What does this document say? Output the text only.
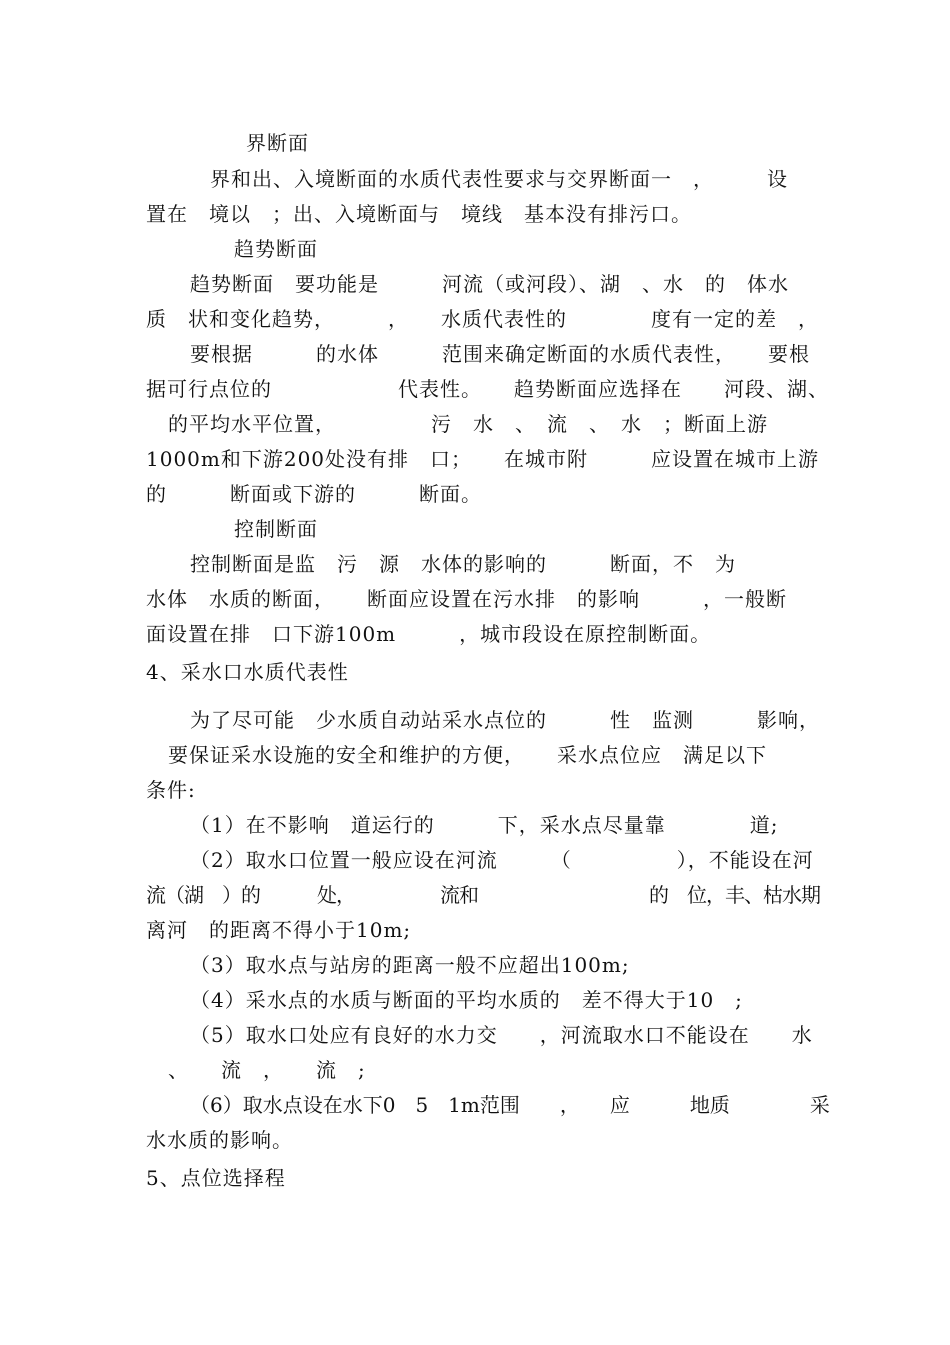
界断面
界和出、入境断面的水质代表性要求与交界断面一　，　　　设
置在　境以　；出、入境断面与　境线　基本没有排污口。
趋势断面
趋势断面　要功能是　　　河流（或河段）、湖　、水　的　体水
质　状和变化趋势，　　　，　　水质代表性的　　　　度有一定的差　，
要根据　　　的水体　　　范围来确定断面的水质代表性，　　要根
据可行点位的　　　　　　代表性。　　趋势断面应选择在　　河段、湖、
的平均水平位置，　　　　　污　水　、　流　、　水　；断面上游
1000m和下游200处没有排　口；　　在城市附　　　应设置在城市上游
的　　　断面或下游的　　　断面。
控制断面
控制断面是监　污　源　水体的影响的　　　断面，不　为
水体　水质的断面，　　断面应设置在污水排　的影响　　　，一般断
面设置在排　口下游100m　　　，城市段设在原控制断面。
4、采水口水质代表性
为了尽可能　少水质自动站采水点位的　　　性　监测　　　影响，
要保证采水设施的安全和维护的方便，　　采水点位应　满足以下
条件:
（1）在不影响　道运行的　　　下，采水点尽量靠　　　　道;
（2）取水口位置一般应设在河流　　　（　　　　　），不能设在河
流（湖　）的　　　处，　　　　　流和　　　　　　　　　的　位，丰、枯水期
离河　的距离不得小于10m;
（3）取水点与站房的距离一般不应超出100m;
（4）采水点的水质与断面的平均水质的　差不得大于10　;
（5）取水口处应有良好的水力交　　，河流取水口不能设在　　水
、　　流　，　　流　;
（6）取水点设在水下0　5　1m范围　　，　　应　　　地质　　　　采
水水质的影响。
5、点位选择程
